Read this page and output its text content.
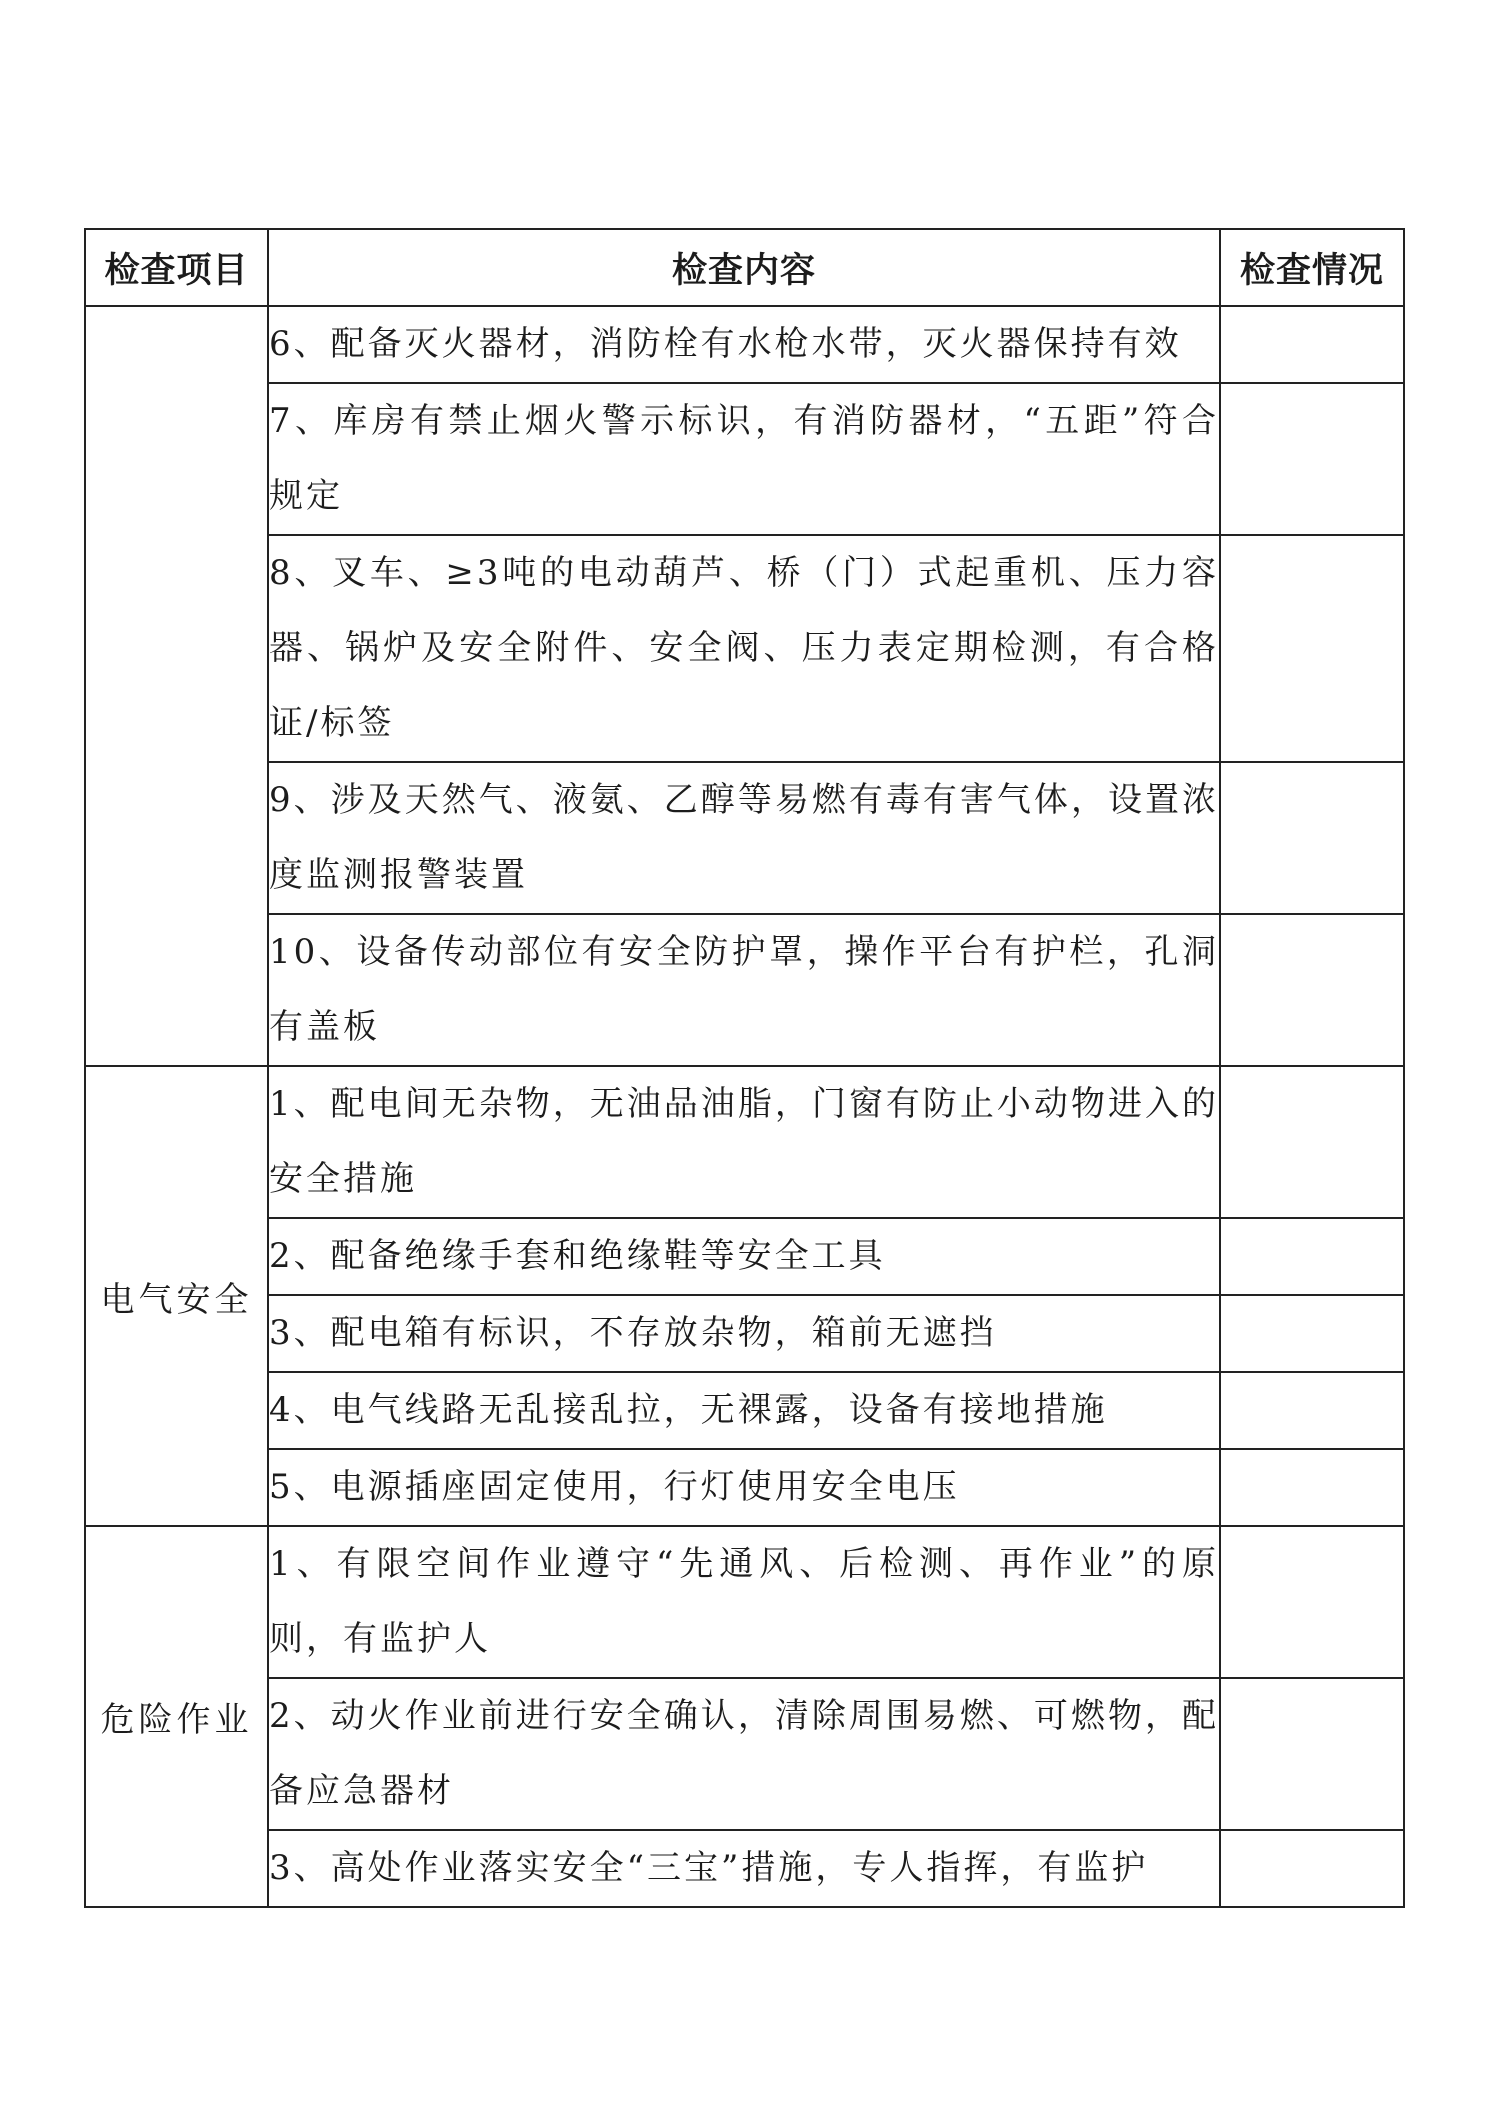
检查项目	检查内容	检查情况
	6、配备灭火器材，消防栓有水枪水带，灭火器保持有效	
	7、库房有禁止烟火警示标识，有消防器材，“五距”符合规定	
	8、叉车、≥3吨的电动葫芦、桥（门）式起重机、压力容器、锅炉及安全附件、安全阀、压力表定期检测，有合格证/标签	
	9、涉及天然气、液氨、乙醇等易燃有毒有害气体，设置浓度监测报警装置	
	10、设备传动部位有安全防护罩，操作平台有护栏，孔洞有盖板	
电气安全	1、配电间无杂物，无油品油脂，门窗有防止小动物进入的安全措施	
	2、配备绝缘手套和绝缘鞋等安全工具	
	3、配电箱有标识，不存放杂物，箱前无遮挡	
	4、电气线路无乱接乱拉，无裸露，设备有接地措施	
	5、电源插座固定使用，行灯使用安全电压	
危险作业	1、有限空间作业遵守“先通风、后检测、再作业”的原则，有监护人	
	2、动火作业前进行安全确认，清除周围易燃、可燃物，配备应急器材	
	3、高处作业落实安全“三宝”措施，专人指挥，有监护	
